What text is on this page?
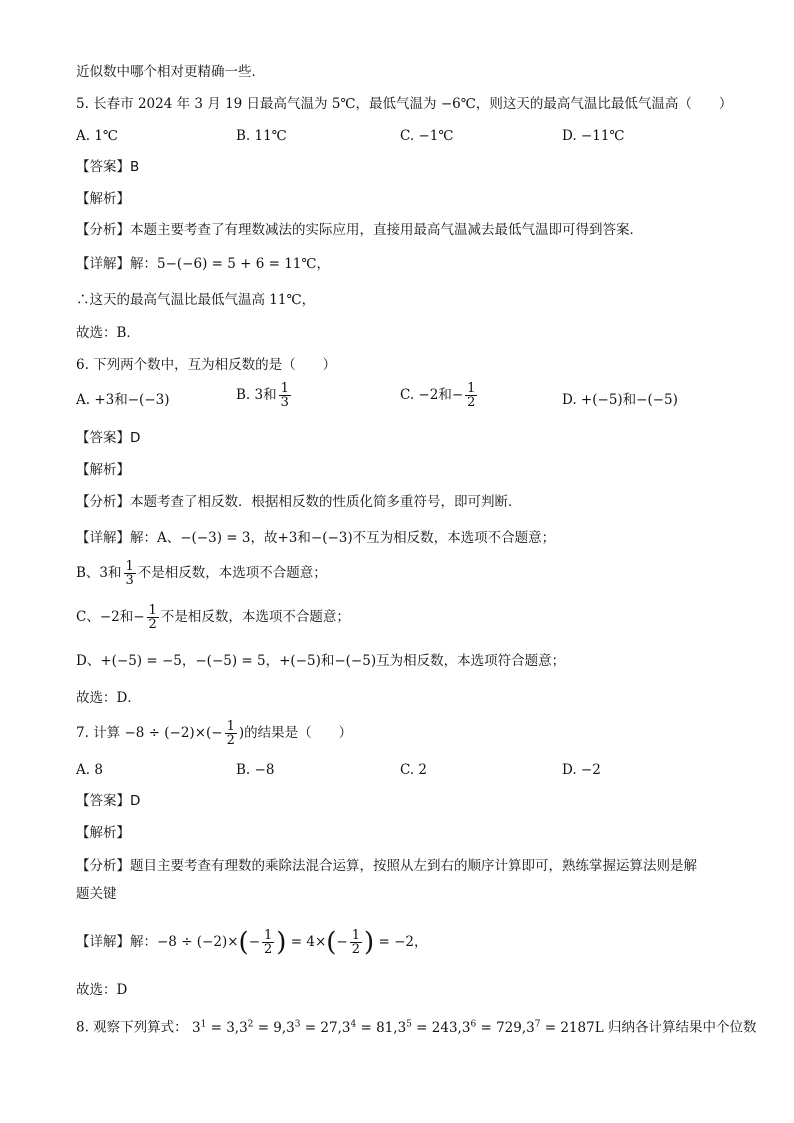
近似数中哪个相对更精确一些．
5. 长春市 2024 年 3 月 19 日最高气温为 5℃，最低气温为 −6℃，则这天的最高气温比最低气温高（　　）
A. 1℃	B. 11℃	C. −1℃	D. −11℃
【答案】B
【解析】
【分析】本题主要考查了有理数减法的实际应用，直接用最高气温减去最低气温即可得到答案．
【详解】解：5−(−6) = 5 + 6 = 11℃，
∴这天的最高气温比最低气温高 11℃，
故选：B．
6. 下列两个数中，互为相反数的是（　　）
A. +3和−(−3)	B. 3和 $\frac{1}{3}$	C. −2和− $\frac{1}{2}$	D. +(−5)和−(−5)
【答案】D
【解析】
【分析】本题考查了相反数．根据相反数的性质化简多重符号，即可判断．
【详解】解：A、−(−3) = 3，故+3和−(−3)不互为相反数，本选项不合题意；
B、3和 $\frac{1}{3}$ 不是相反数，本选项不合题意；
C、−2和− $\frac{1}{2}$ 不是相反数，本选项不合题意；
D、+(−5) = −5，−(−5) = 5，+(−5)和−(−5)互为相反数，本选项符合题意；
故选：D．
7. 计算 $-8 \div (-2)\times(- \frac{1}{2}$ )的结果是（　　）
A. 8	B. −8	C. 2	D. −2
【答案】D
【解析】
【分析】题目主要考查有理数的乘除法混合运算，按照从左到右的顺序计算即可，熟练掌握运算法则是解
题关键
【详解】解：$-8 \div (-2)\times(- \frac{1}{2}$ ) = $4\times(- \frac{1}{2}$ ) = −2，
故选：D
8. 观察下列算式： $3^1 = 3,3^2 = 9,3^3 = 27,3^4 = 81,3^5 = 243,3^6 = 729,3^7 = 2187L$ 归纳各计算结果中个位数
